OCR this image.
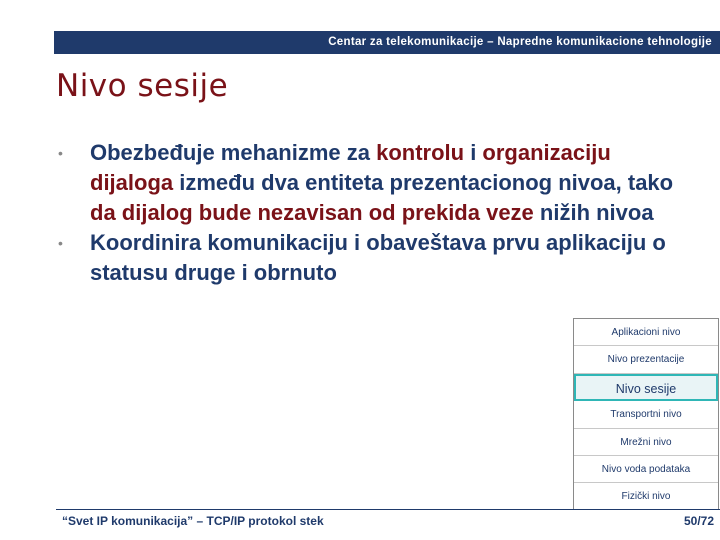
Centar za telekomunikacije – Napredne komunikacione tehnologije
Nivo sesije
• Obezbeđuje mehanizme za kontrolu i organizaciju dijaloga između dva entiteta prezentacionog nivoa, tako da dijalog bude nezavisan od prekida veze nižih nivoa
• Koordinira komunikaciju i obaveštava prvu aplikaciju o statusu druge i obrnuto
Aplikacioni nivo
Nivo prezentacije
Nivo sesije
Transportni nivo
Mrežni nivo
Nivo voda podataka
Fizički nivo
“Svet IP komunikacija” – TCP/IP protokol stek	50/72
